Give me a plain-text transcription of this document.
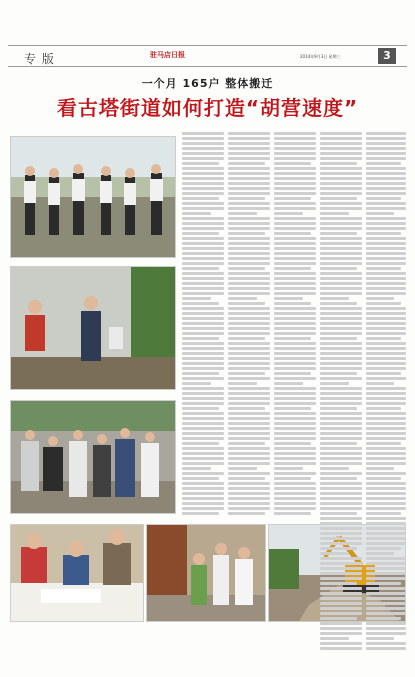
专 版	驻马店日报	2014年9月3日 星期三	3
一个月 165户 整体搬迁
看古塔街道如何打造“胡营速度”
